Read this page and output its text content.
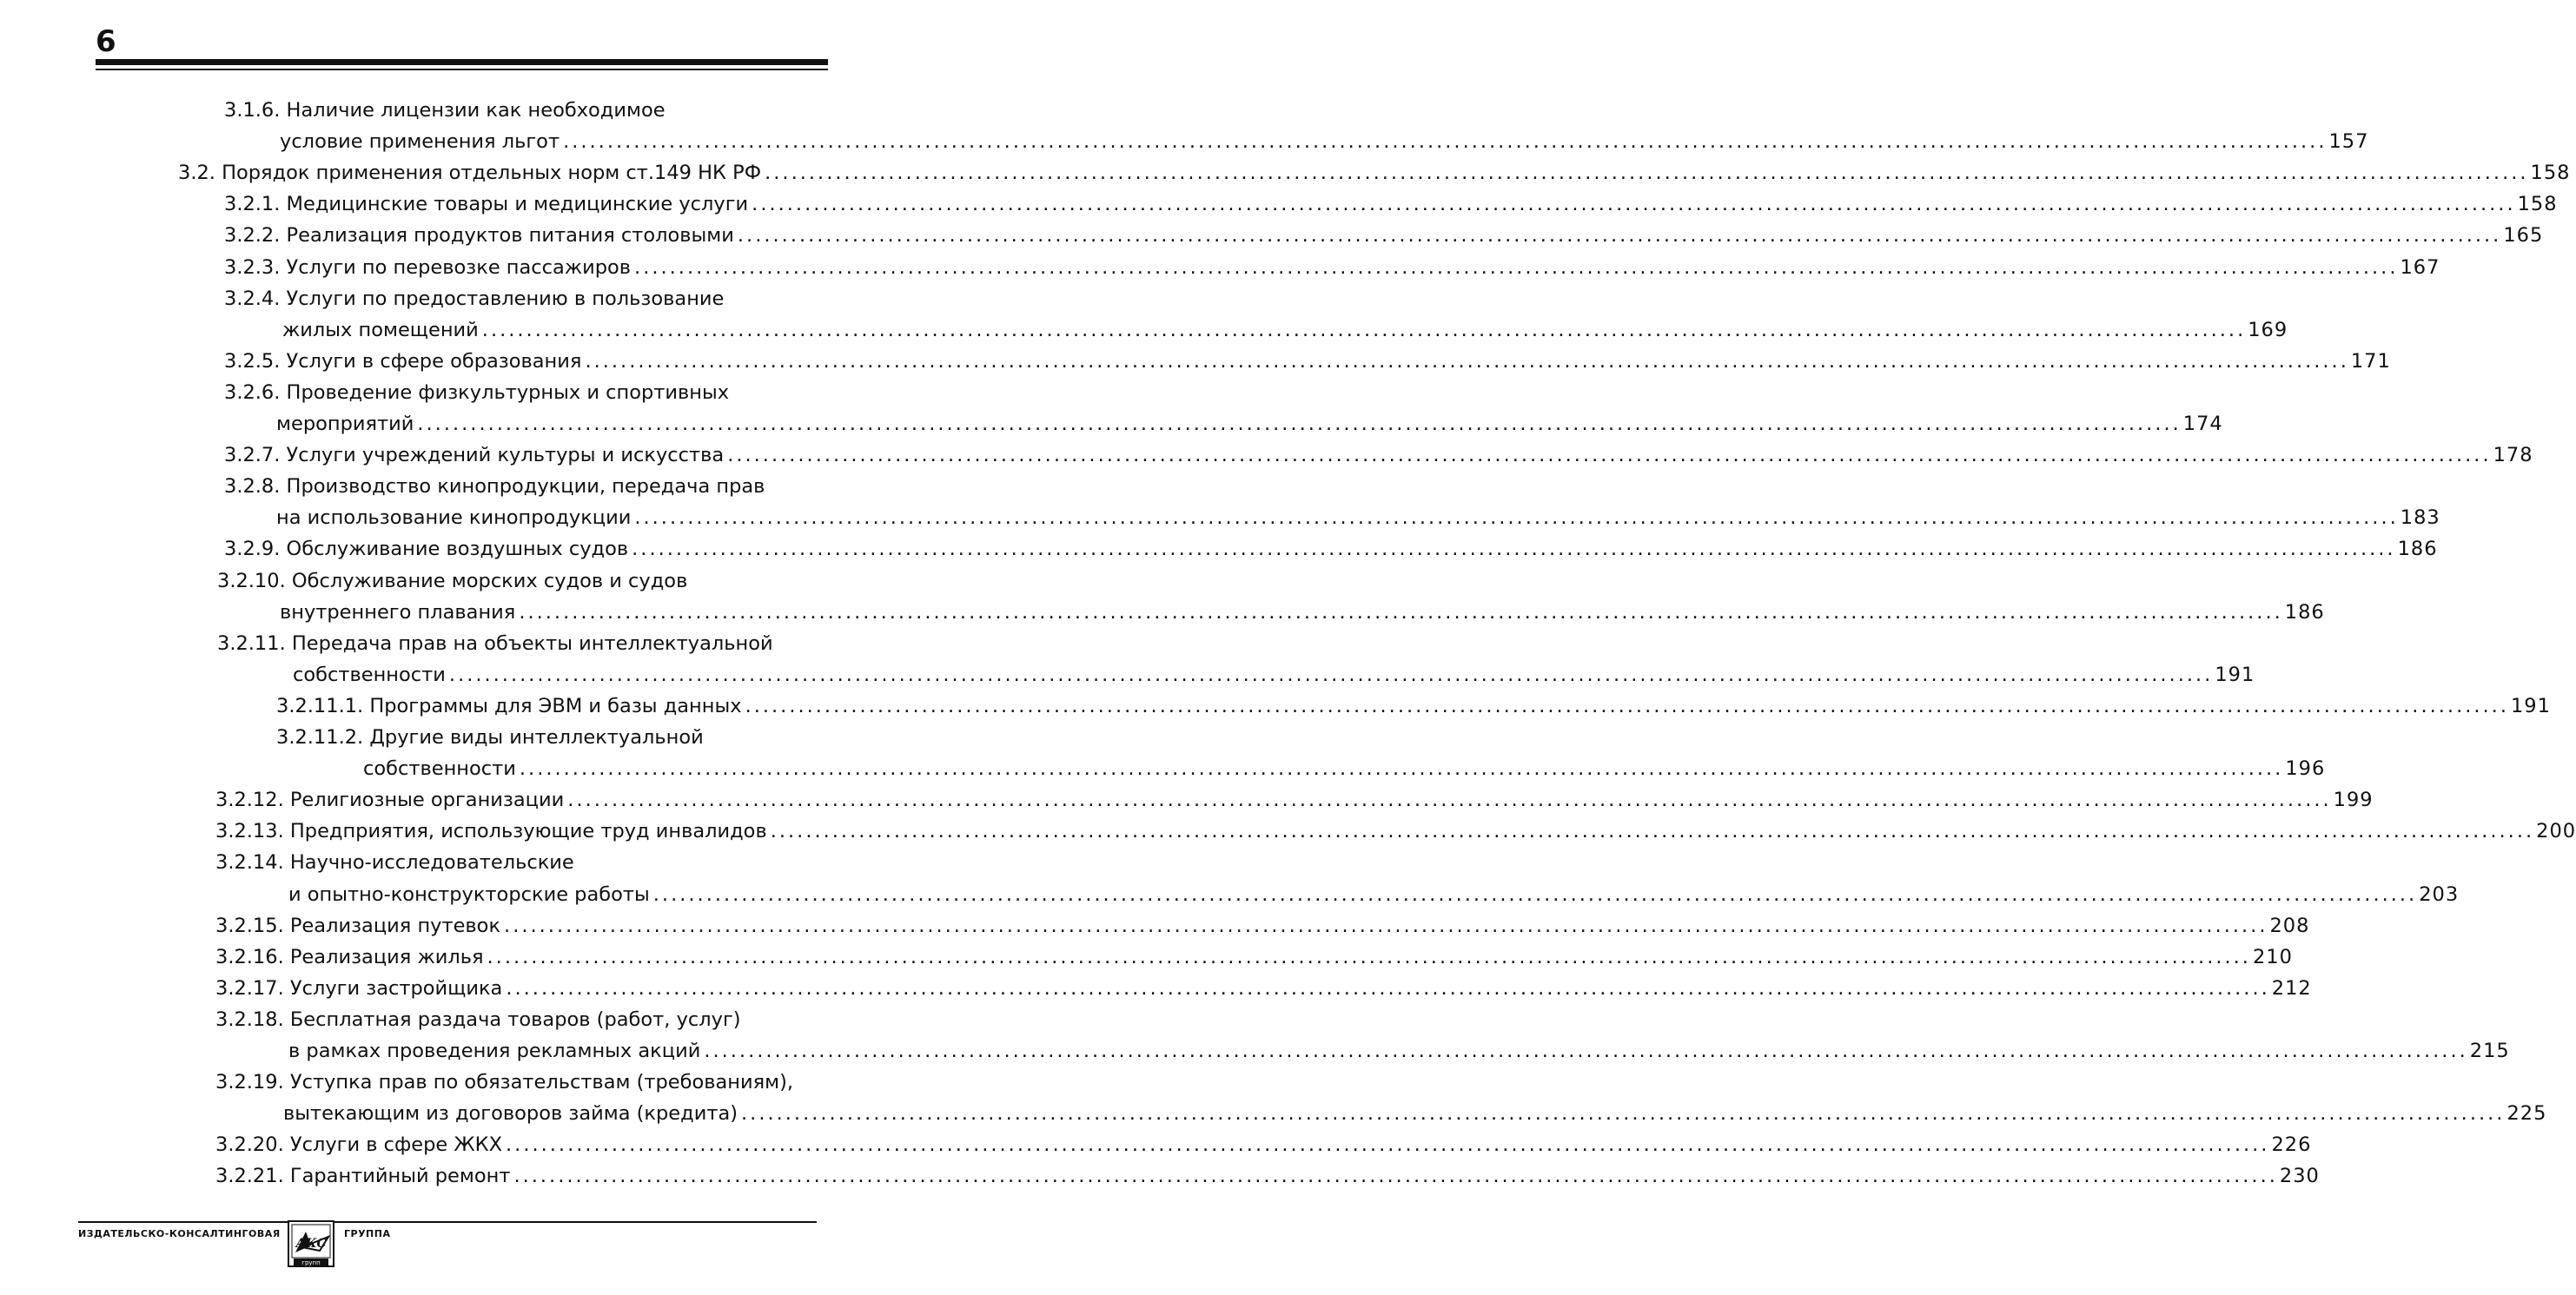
6
3.1.6. Наличие лицензии как необходимое
условие применения льгот ........................................................................................................................................................................................................ 157
3.2. Порядок применения отдельных норм ст.149 НК РФ ........................................................................................................................................................................................................ 158
3.2.1. Медицинские товары и медицинские услуги ........................................................................................................................................................................................................ 158
3.2.2. Реализация продуктов питания столовыми ........................................................................................................................................................................................................ 165
3.2.3. Услуги по перевозке пассажиров ........................................................................................................................................................................................................ 167
3.2.4. Услуги по предоставлению в пользование
жилых помещений ........................................................................................................................................................................................................ 169
3.2.5. Услуги в сфере образования ........................................................................................................................................................................................................ 171
3.2.6. Проведение физкультурных и спортивных
мероприятий ........................................................................................................................................................................................................ 174
3.2.7. Услуги учреждений культуры и искусства ........................................................................................................................................................................................................ 178
3.2.8. Производство кинопродукции, передача прав
на использование кинопродукции ........................................................................................................................................................................................................ 183
3.2.9. Обслуживание воздушных судов ........................................................................................................................................................................................................ 186
3.2.10. Обслуживание морских судов и судов
внутреннего плавания ........................................................................................................................................................................................................ 186
3.2.11. Передача прав на объекты интеллектуальной
собственности ........................................................................................................................................................................................................ 191
3.2.11.1. Программы для ЭВМ и базы данных ........................................................................................................................................................................................................ 191
3.2.11.2. Другие виды интеллектуальной
собственности ........................................................................................................................................................................................................ 196
3.2.12. Религиозные организации ........................................................................................................................................................................................................ 199
3.2.13. Предприятия, использующие труд инвалидов ........................................................................................................................................................................................................ 200
3.2.14. Научно-исследовательские
и опытно-конструкторские работы ........................................................................................................................................................................................................ 203
3.2.15. Реализация путевок ........................................................................................................................................................................................................ 208
3.2.16. Реализация жилья ........................................................................................................................................................................................................ 210
3.2.17. Услуги застройщика ........................................................................................................................................................................................................ 212
3.2.18. Бесплатная раздача товаров (работ, услуг)
в рамках проведения рекламных акций ........................................................................................................................................................................................................ 215
3.2.19. Уступка прав по обязательствам (требованиям),
вытекающим из договоров займа (кредита) ........................................................................................................................................................................................................ 225
3.2.20. Услуги в сфере ЖКХ ........................................................................................................................................................................................................ 226
3.2.21. Гарантийный ремонт ........................................................................................................................................................................................................ 230
ИЗДАТЕЛЬСКО-КОНСАЛТИНГОВАЯ	ГРУППА
АКС
групп
